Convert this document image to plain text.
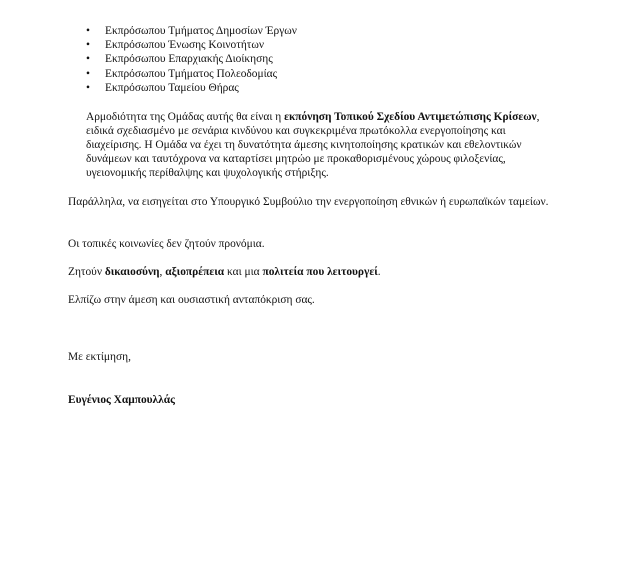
• Εκπρόσωπου Τμήματος Δημοσίων Έργων
• Εκπρόσωπου Ένωσης Κοινοτήτων
• Εκπρόσωπου Επαρχιακής Διοίκησης
• Εκπρόσωπου Τμήματος Πολεοδομίας
• Εκπρόσωπου Ταμείου Θήρας

Αρμοδιότητα της Ομάδας αυτής θα είναι η εκπόνηση Τοπικού Σχεδίου Αντιμετώπισης Κρίσεων, ειδικά σχεδιασμένο με σενάρια κινδύνου και συγκεκριμένα πρωτόκολλα ενεργοποίησης και διαχείρισης. Η Ομάδα να έχει τη δυνατότητα άμεσης κινητοποίησης κρατικών και εθελοντικών δυνάμεων και ταυτόχρονα να καταρτίσει μητρώο με προκαθορισμένους χώρους φιλοξενίας, υγειονομικής περίθαλψης και ψυχολογικής στήριξης.

Παράλληλα, να εισηγείται στο Υπουργικό Συμβούλιο την ενεργοποίηση εθνικών ή ευρωπαϊκών ταμείων.

Οι τοπικές κοινωνίες δεν ζητούν προνόμια.

Ζητούν δικαιοσύνη, αξιοπρέπεια και μια πολιτεία που λειτουργεί.

Ελπίζω στην άμεση και ουσιαστική ανταπόκριση σας.

Με εκτίμηση,

Ευγένιος Χαμπουλλάς
